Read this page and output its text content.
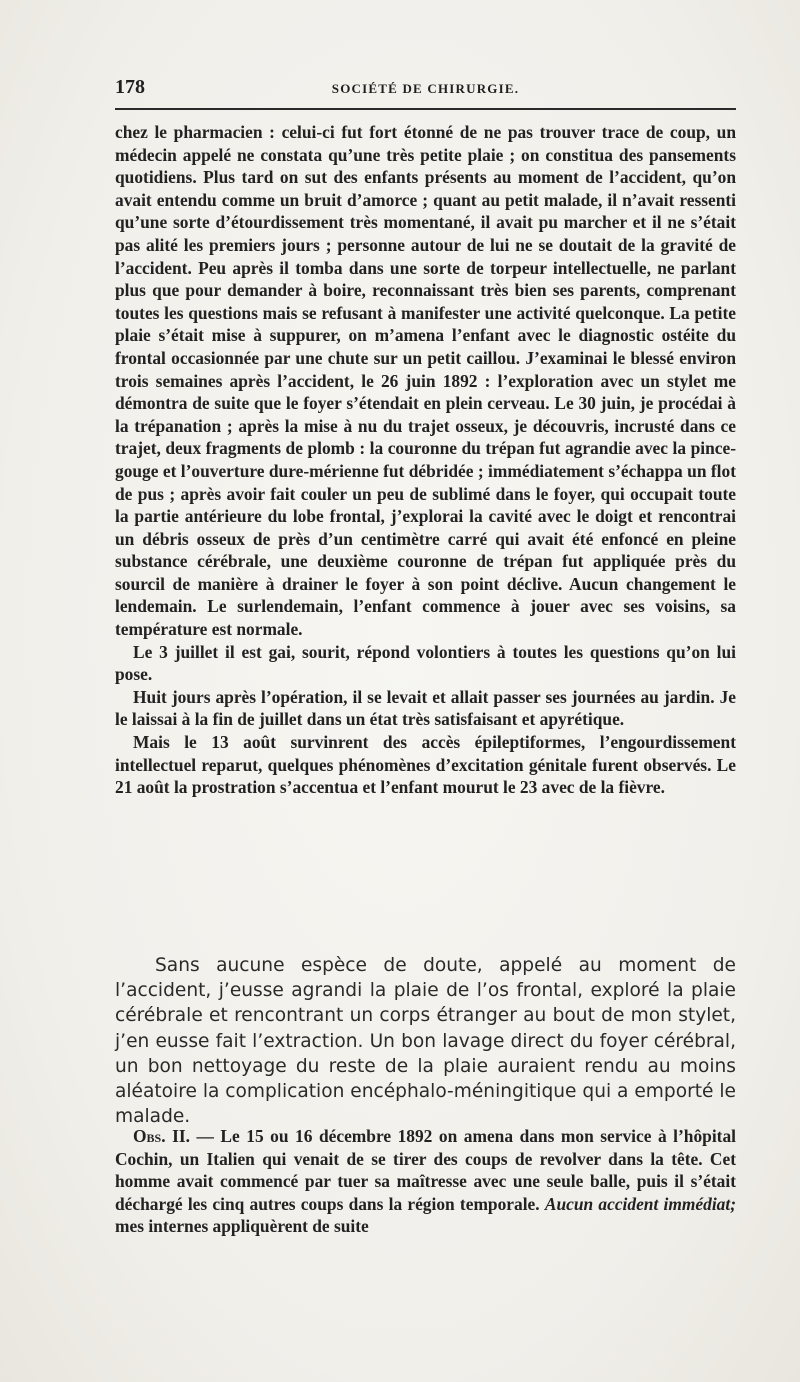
178	SOCIÉTÉ DE CHIRURGIE.

chez le pharmacien : celui-ci fut fort étonné de ne pas trouver trace de coup, un médecin appelé ne constata qu’une très petite plaie ; on constitua des pansements quotidiens. Plus tard on sut des enfants présents au moment de l’accident, qu’on avait entendu comme un bruit d’amorce ; quant au petit malade, il n’avait ressenti qu’une sorte d’étourdissement très momentané, il avait pu marcher et il ne s’était pas alité les premiers jours ; personne autour de lui ne se doutait de la gravité de l’accident. Peu après il tomba dans une sorte de torpeur intellectuelle, ne parlant plus que pour demander à boire, reconnaissant très bien ses parents, comprenant toutes les questions mais se refusant à manifester une activité quelconque. La petite plaie s’était mise à suppurer, on m’amena l’enfant avec le diagnostic ostéite du frontal occasionnée par une chute sur un petit caillou. J’examinai le blessé environ trois semaines après l’accident, le 26 juin 1892 : l’exploration avec un stylet me démontra de suite que le foyer s’étendait en plein cerveau. Le 30 juin, je procédai à la trépanation ; après la mise à nu du trajet osseux, je découvris, incrusté dans ce trajet, deux fragments de plomb : la couronne du trépan fut agrandie avec la pince-gouge et l’ouverture dure-mérienne fut débridée ; immédiatement s’échappa un flot de pus ; après avoir fait couler un peu de sublimé dans le foyer, qui occupait toute la partie antérieure du lobe frontal, j’explorai la cavité avec le doigt et rencontrai un débris osseux de près d’un centimètre carré qui avait été enfoncé en pleine substance cérébrale, une deuxième couronne de trépan fut appliquée près du sourcil de manière à drainer le foyer à son point déclive. Aucun changement le lendemain. Le surlendemain, l’enfant commence à jouer avec ses voisins, sa température est normale.

Le 3 juillet il est gai, sourit, répond volontiers à toutes les questions qu’on lui pose.

Huit jours après l’opération, il se levait et allait passer ses journées au jardin. Je le laissai à la fin de juillet dans un état très satisfaisant et apyrétique.

Mais le 13 août survinrent des accès épileptiformes, l’engourdissement intellectuel reparut, quelques phénomènes d’excitation génitale furent observés. Le 21 août la prostration s’accentua et l’enfant mourut le 23 avec de la fièvre.

Sans aucune espèce de doute, appelé au moment de l’accident, j’eusse agrandi la plaie de l’os frontal, exploré la plaie cérébrale et rencontrant un corps étranger au bout de mon stylet, j’en eusse fait l’extraction. Un bon lavage direct du foyer cérébral, un bon nettoyage du reste de la plaie auraient rendu au moins aléatoire la complication encéphalo-méningitique qui a emporté le malade.

Obs. II. — Le 15 ou 16 décembre 1892 on amena dans mon service à l’hôpital Cochin, un Italien qui venait de se tirer des coups de revolver dans la tête. Cet homme avait commencé par tuer sa maîtresse avec une seule balle, puis il s’était déchargé les cinq autres coups dans la région temporale. Aucun accident immédiat; mes internes appliquèrent de suite
